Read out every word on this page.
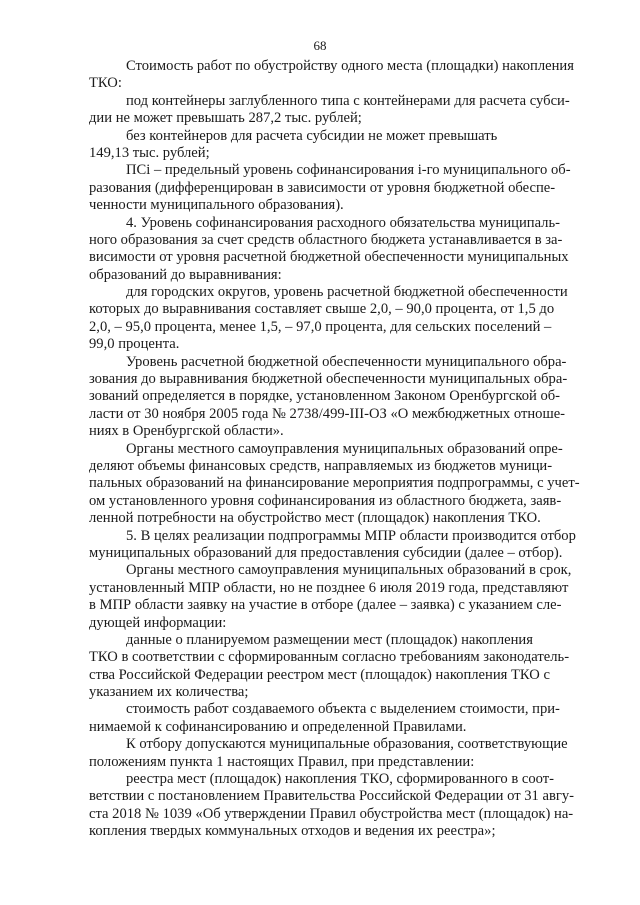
68
Стоимость работ по обустройству одного места (площадки) накопления
ТКО:
под контейнеры заглубленного типа с контейнерами для расчета субси-
дии не может превышать 287,2 тыс. рублей;
без контейнеров для расчета субсидии не может превышать
149,13 тыс. рублей;
ПСi – предельный уровень софинансирования i-го муниципального об-
разования (дифференцирован в зависимости от уровня бюджетной обеспе-
ченности муниципального образования).
4. Уровень софинансирования расходного обязательства муниципаль-
ного образования за счет средств областного бюджета устанавливается в за-
висимости от уровня расчетной бюджетной обеспеченности муниципальных
образований до выравнивания:
для городских округов, уровень расчетной бюджетной обеспеченности
которых до выравнивания составляет свыше 2,0, – 90,0 процента, от 1,5 до
2,0, – 95,0 процента, менее 1,5, – 97,0 процента, для сельских поселений –
99,0 процента.
Уровень расчетной бюджетной обеспеченности муниципального обра-
зования до выравнивания бюджетной обеспеченности муниципальных обра-
зований определяется в порядке, установленном Законом Оренбургской об-
ласти от 30 ноября 2005 года № 2738/499-III-ОЗ «О межбюджетных отноше-
ниях в Оренбургской области».
Органы местного самоуправления муниципальных образований опре-
деляют объемы финансовых средств, направляемых из бюджетов муници-
пальных образований на финансирование мероприятия подпрограммы, с учет-
ом установленного уровня софинансирования из областного бюджета, заяв-
ленной потребности на обустройство мест (площадок) накопления ТКО.
5. В целях реализации подпрограммы МПР области производится отбор
муниципальных образований для предоставления субсидии (далее – отбор).
Органы местного самоуправления муниципальных образований в срок,
установленный МПР области, но не позднее 6 июля 2019 года, представляют
в МПР области заявку на участие в отборе (далее – заявка) с указанием сле-
дующей информации:
данные о планируемом размещении мест (площадок) накопления
ТКО в соответствии с сформированным согласно требованиям законодатель-
ства Российской Федерации реестром мест (площадок) накопления ТКО с
указанием их количества;
стоимость работ создаваемого объекта с выделением стоимости, при-
нимаемой к софинансированию и определенной Правилами.
К отбору допускаются муниципальные образования, соответствующие
положениям пункта 1 настоящих Правил, при представлении:
реестра мест (площадок) накопления ТКО, сформированного в соот-
ветствии с постановлением Правительства Российской Федерации от 31 авгу-
ста 2018 № 1039 «Об утверждении Правил обустройства мест (площадок) на-
копления твердых коммунальных отходов и ведения их реестра»;
